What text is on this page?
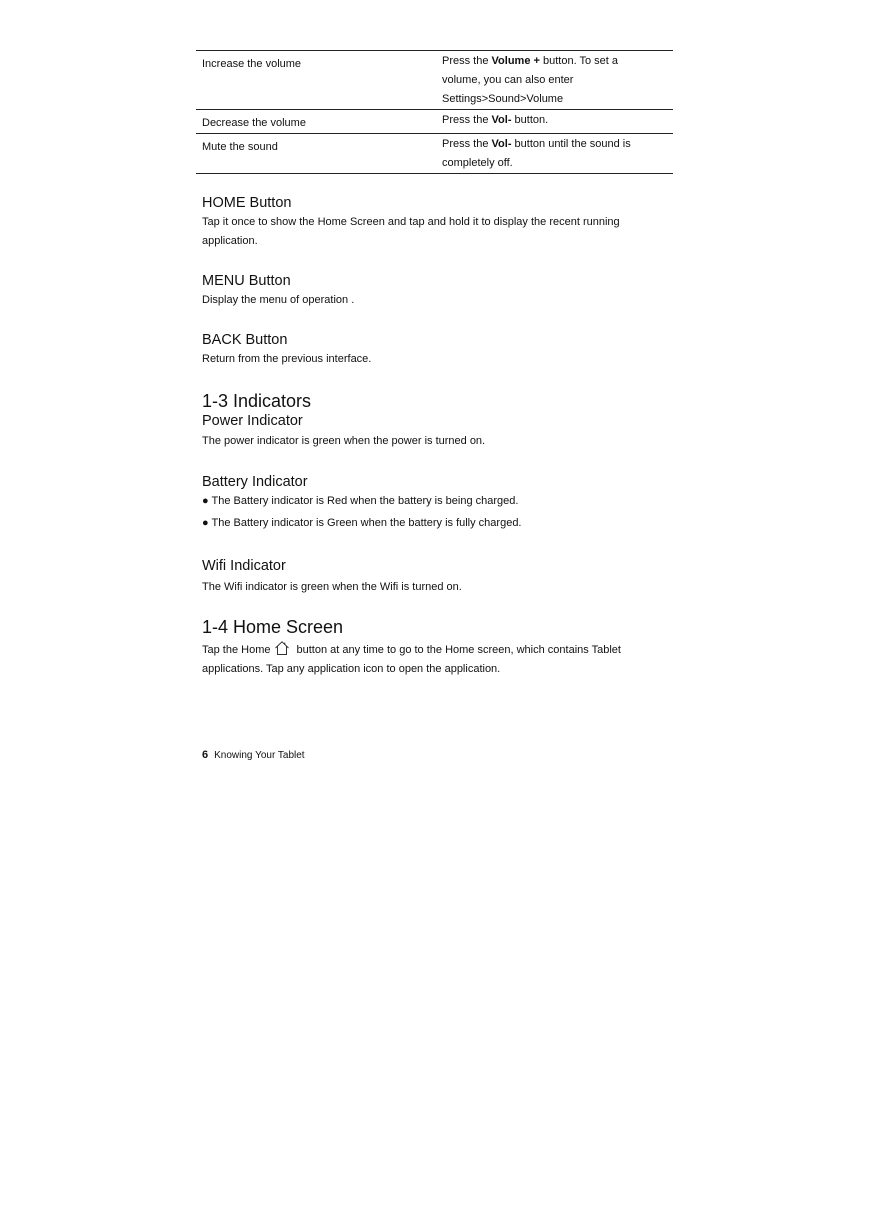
Increase the volume	Press the Volume + button. To set a volume, you can also enter Settings>Sound>Volume
Decrease the volume	Press the Vol- button.
Mute the sound	Press the Vol- button until the sound is completely off.
HOME Button

Tap it once to show the Home Screen and tap and hold it to display the recent running application.

MENU Button

Display the menu of operation .

BACK Button

Return from the previous interface.

1-3 Indicators
Power Indicator

The power indicator is green when the power is turned on.

Battery Indicator

● The Battery indicator is Red when the battery is being charged.

● The Battery indicator is Green when the battery is fully charged.

Wifi Indicator

The Wifi indicator is green when the Wifi is turned on.

1-4 Home Screen

Tap the Home button at any time to go to the Home screen, which contains Tablet applications. Tap any application icon to open the application.

6 Knowing Your Tablet
